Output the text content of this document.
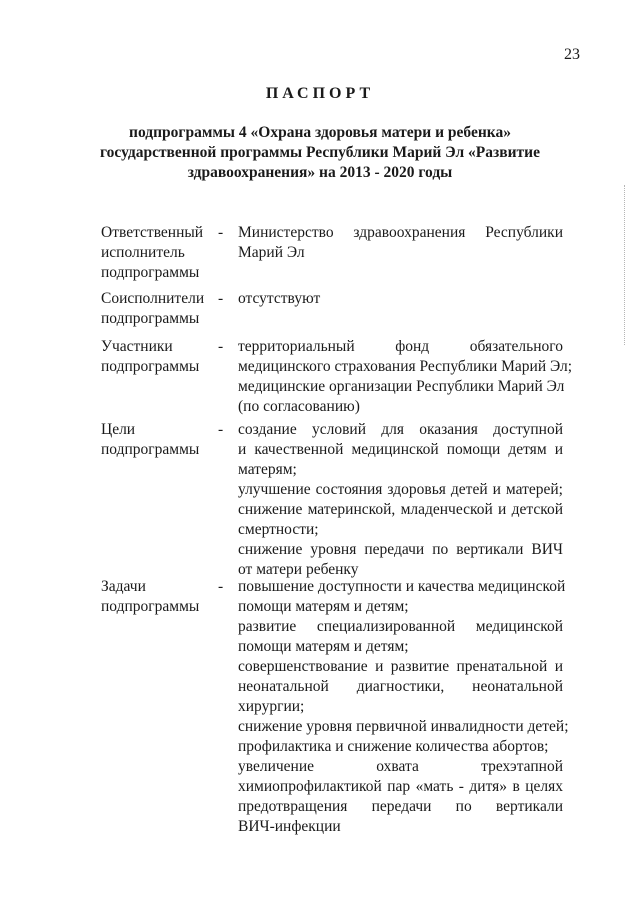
23
ПАСПОРТ
подпрограммы 4 «Охрана здоровья матери и ребенка»
государственной программы Республики Марий Эл «Развитие
здравоохранения» на 2013 - 2020 годы
Ответственный
исполнитель
подпрограммы
- Министерство здравоохранения Республики
Марий Эл
Соисполнители
подпрограммы
- отсутствуют
Участники
подпрограммы
- территориальный фонд обязательного
медицинского страхования Республики Марий Эл;
медицинские организации Республики Марий Эл
(по согласованию)
Цели
подпрограммы
- создание условий для оказания доступной
и качественной медицинской помощи детям и
матерям;
улучшение состояния здоровья детей и матерей;
снижение материнской, младенческой и детской
смертности;
снижение уровня передачи по вертикали ВИЧ
от матери ребенку
Задачи
подпрограммы
- повышение доступности и качества медицинской
помощи матерям и детям;
развитие специализированной медицинской
помощи матерям и детям;
совершенствование и развитие пренатальной и
неонатальной диагностики, неонатальной
хирургии;
снижение уровня первичной инвалидности детей;
профилактика и снижение количества абортов;
увеличение охвата трехэтапной
химиопрофилактикой пар «мать - дитя» в целях
предотвращения передачи по вертикали
ВИЧ-инфекции
